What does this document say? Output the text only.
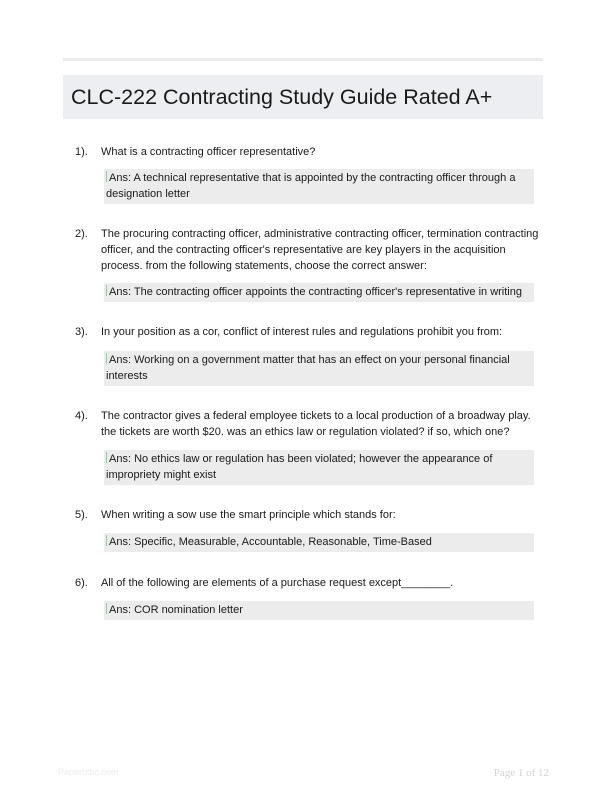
CLC-222 Contracting Study Guide Rated A+
1). What is a contracting officer representative?
Ans: A technical representative that is appointed by the contracting officer through a designation letter
2). The procuring contracting officer, administrative contracting officer, termination contracting officer, and the contracting officer's representative are key players in the acquisition process. from the following statements, choose the correct answer:
Ans: The contracting officer appoints the contracting officer's representative in writing
3). In your position as a cor, conflict of interest rules and regulations prohibit you from:
Ans: Working on a government matter that has an effect on your personal financial interests
4). The contractor gives a federal employee tickets to a local production of a broadway play. the tickets are worth $20. was an ethics law or regulation violated? if so, which one?
Ans: No ethics law or regulation has been violated; however the appearance of impropriety might exist
5). When writing a sow use the smart principle which stands for:
Ans: Specific, Measurable, Accountable, Reasonable, Time-Based
6). All of the following are elements of a purchase request except________.
Ans: COR nomination letter
Paperbtbc.com	Page 1 of 12
